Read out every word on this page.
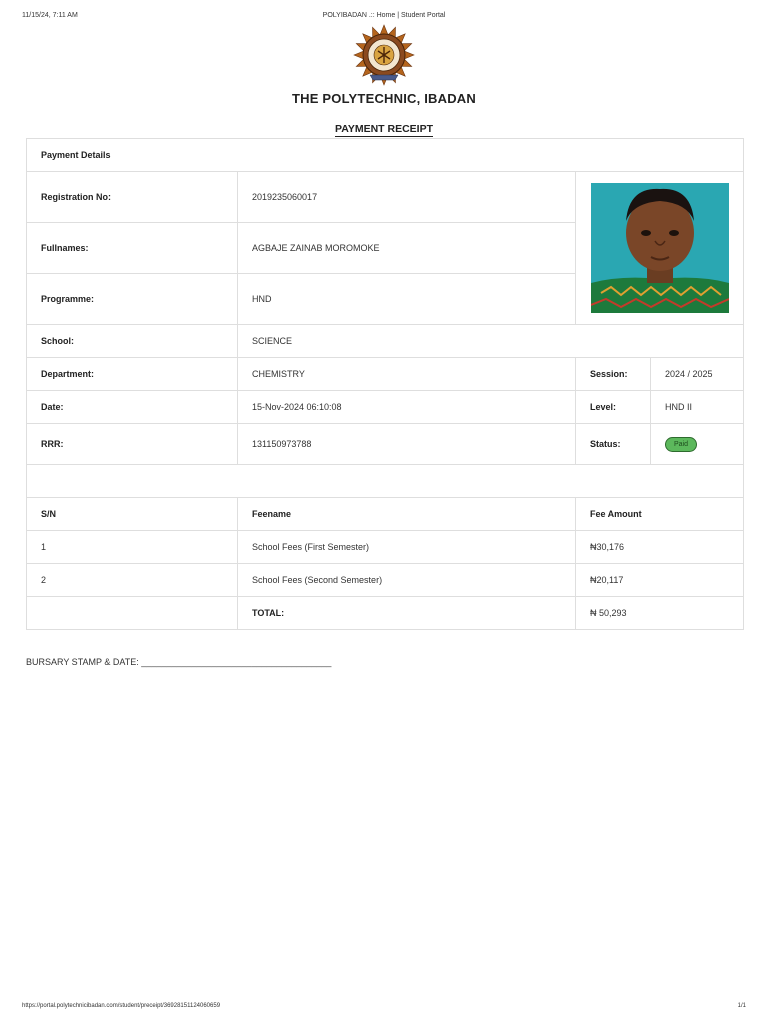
11/15/24, 7:11 AM	POLYIBADAN .:: Home | Student Portal
THE POLYTECHNIC, IBADAN
PAYMENT RECEIPT
Payment Details			
Registration No:	2019235060017	

Fullnames:	AGBAJE ZAINAB MOROMOKE		
Programme:	HND		
School:	SCIENCE		
Department:	CHEMISTRY	Session:	2024 / 2025
Date:	15-Nov-2024 06:10:08	Level:	HND II
RRR:	131150973788	Status:	Paid

S/N	Feename	Fee Amount	
1	School Fees (First Semester)	₦30,176	
2	School Fees (Second Semester)	₦20,117	
	TOTAL:	₦ 50,293	
BURSARY STAMP & DATE: ______________________________________
https://portal.polytechnicibadan.com/student/preceipt/36928151124060659	1/1
